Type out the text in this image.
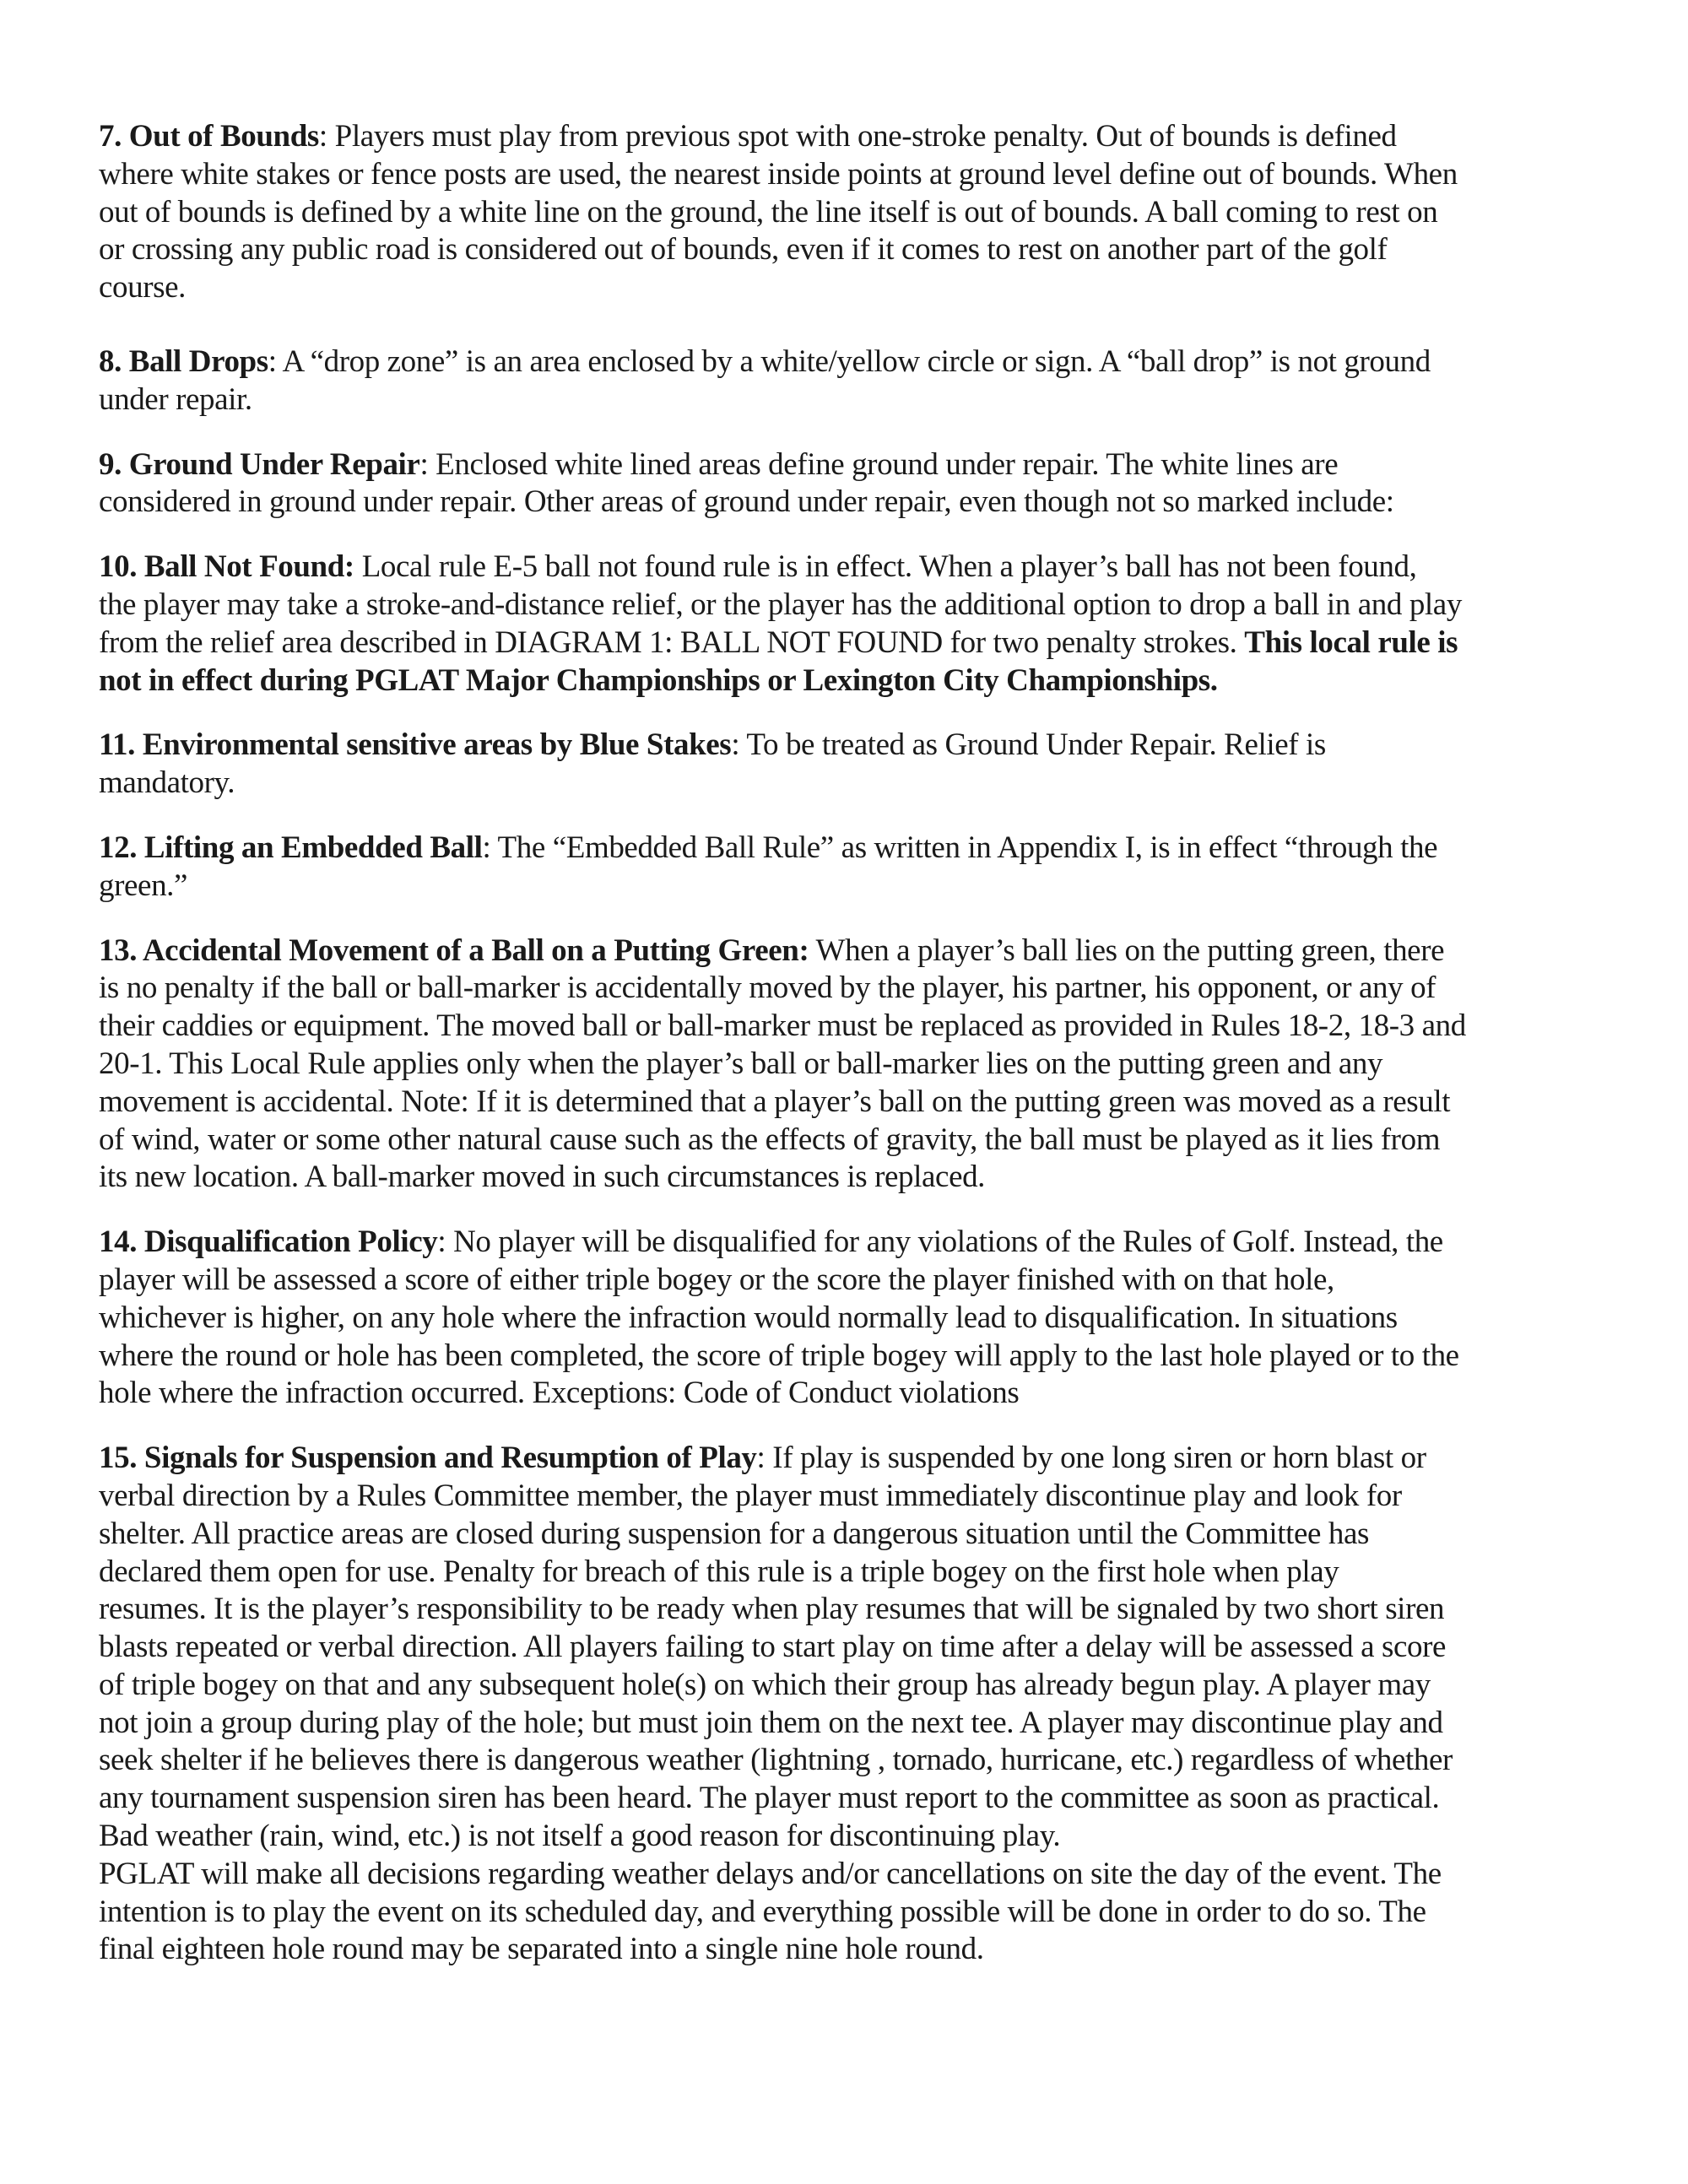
7. Out of Bounds: Players must play from previous spot with one-stroke penalty. Out of bounds is defined
where white stakes or fence posts are used, the nearest inside points at ground level define out of bounds. When
out of bounds is defined by a white line on the ground, the line itself is out of bounds. A ball coming to rest on
or crossing any public road is considered out of bounds, even if it comes to rest on another part of the golf
course.
8. Ball Drops: A “drop zone” is an area enclosed by a white/yellow circle or sign. A “ball drop” is not ground
under repair.
9. Ground Under Repair: Enclosed white lined areas define ground under repair. The white lines are
considered in ground under repair. Other areas of ground under repair, even though not so marked include:
10. Ball Not Found: Local rule E-5 ball not found rule is in effect. When a player’s ball has not been found,
the player may take a stroke-and-distance relief, or the player has the additional option to drop a ball in and play
from the relief area described in DIAGRAM 1: BALL NOT FOUND for two penalty strokes. This local rule is
not in effect during PGLAT Major Championships or Lexington City Championships.
11. Environmental sensitive areas by Blue Stakes: To be treated as Ground Under Repair. Relief is
mandatory.
12. Lifting an Embedded Ball: The “Embedded Ball Rule” as written in Appendix I, is in effect “through the
green.”
13. Accidental Movement of a Ball on a Putting Green: When a player’s ball lies on the putting green, there
is no penalty if the ball or ball-marker is accidentally moved by the player, his partner, his opponent, or any of
their caddies or equipment. The moved ball or ball-marker must be replaced as provided in Rules 18-2, 18-3 and
20-1. This Local Rule applies only when the player’s ball or ball-marker lies on the putting green and any
movement is accidental. Note: If it is determined that a player’s ball on the putting green was moved as a result
of wind, water or some other natural cause such as the effects of gravity, the ball must be played as it lies from
its new location. A ball-marker moved in such circumstances is replaced.
14. Disqualification Policy: No player will be disqualified for any violations of the Rules of Golf. Instead, the
player will be assessed a score of either triple bogey or the score the player finished with on that hole,
whichever is higher, on any hole where the infraction would normally lead to disqualification. In situations
where the round or hole has been completed, the score of triple bogey will apply to the last hole played or to the
hole where the infraction occurred. Exceptions: Code of Conduct violations
15. Signals for Suspension and Resumption of Play: If play is suspended by one long siren or horn blast or
verbal direction by a Rules Committee member, the player must immediately discontinue play and look for
shelter. All practice areas are closed during suspension for a dangerous situation until the Committee has
declared them open for use. Penalty for breach of this rule is a triple bogey on the first hole when play
resumes. It is the player’s responsibility to be ready when play resumes that will be signaled by two short siren
blasts repeated or verbal direction. All players failing to start play on time after a delay will be assessed a score
of triple bogey on that and any subsequent hole(s) on which their group has already begun play. A player may
not join a group during play of the hole; but must join them on the next tee. A player may discontinue play and
seek shelter if he believes there is dangerous weather (lightning , tornado, hurricane, etc.) regardless of whether
any tournament suspension siren has been heard. The player must report to the committee as soon as practical.
Bad weather (rain, wind, etc.) is not itself a good reason for discontinuing play.
PGLAT will make all decisions regarding weather delays and/or cancellations on site the day of the event. The
intention is to play the event on its scheduled day, and everything possible will be done in order to do so. The
final eighteen hole round may be separated into a single nine hole round.
